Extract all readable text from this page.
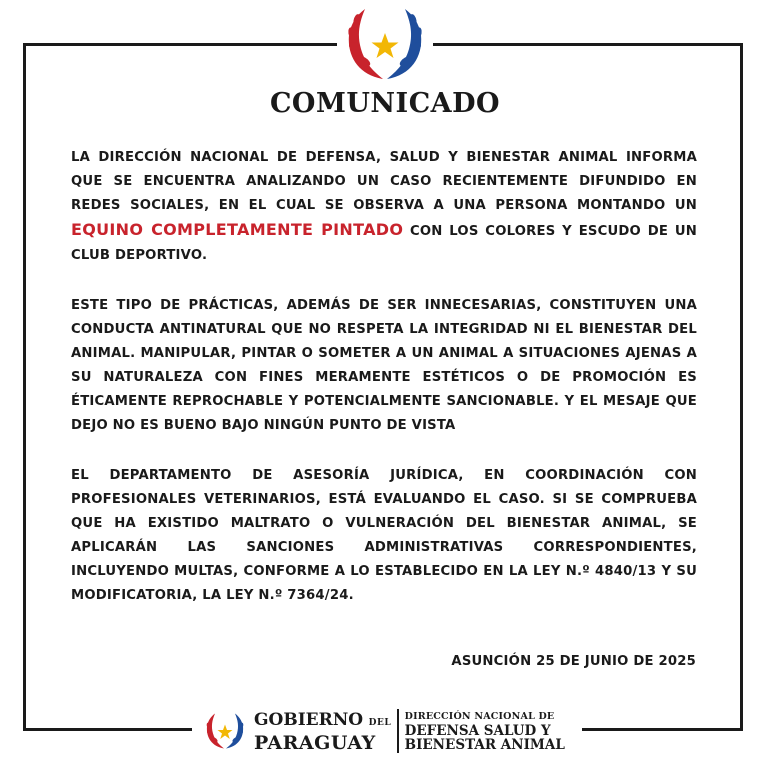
COMUNICADO

LA DIRECCIÓN NACIONAL DE DEFENSA, SALUD Y BIENESTAR ANIMAL INFORMA QUE SE ENCUENTRA ANALIZANDO UN CASO RECIENTEMENTE DIFUNDIDO EN REDES SOCIALES, EN EL CUAL SE OBSERVA A UNA PERSONA MONTANDO UN EQUINO COMPLETAMENTE PINTADO CON LOS COLORES Y ESCUDO DE UN CLUB DEPORTIVO.

ESTE TIPO DE PRÁCTICAS, ADEMÁS DE SER INNECESARIAS, CONSTITUYEN UNA CONDUCTA ANTINATURAL QUE NO RESPETA LA INTEGRIDAD NI EL BIENESTAR DEL ANIMAL. MANIPULAR, PINTAR O SOMETER A UN ANIMAL A SITUACIONES AJENAS A SU NATURALEZA CON FINES MERAMENTE ESTÉTICOS O DE PROMOCIÓN ES ÉTICAMENTE REPROCHABLE Y POTENCIALMENTE SANCIONABLE. Y EL MESAJE QUE DEJO NO ES BUENO BAJO NINGÚN PUNTO DE VISTA

EL DEPARTAMENTO DE ASESORÍA JURÍDICA, EN COORDINACIÓN CON PROFESIONALES VETERINARIOS, ESTÁ EVALUANDO EL CASO. SI SE COMPRUEBA QUE HA EXISTIDO MALTRATO O VULNERACIÓN DEL BIENESTAR ANIMAL, SE APLICARÁN LAS SANCIONES ADMINISTRATIVAS CORRESPONDIENTES, INCLUYENDO MULTAS, CONFORME A LO ESTABLECIDO EN LA LEY N.º 4840/13 Y SU MODIFICATORIA, LA LEY N.º 7364/24.

ASUNCIÓN 25 DE JUNIO DE 2025
GOBIERNO DEL
PARAGUAY
DIRECCIÓN NACIONAL DE
DEFENSA SALUD Y
BIENESTAR ANIMAL
